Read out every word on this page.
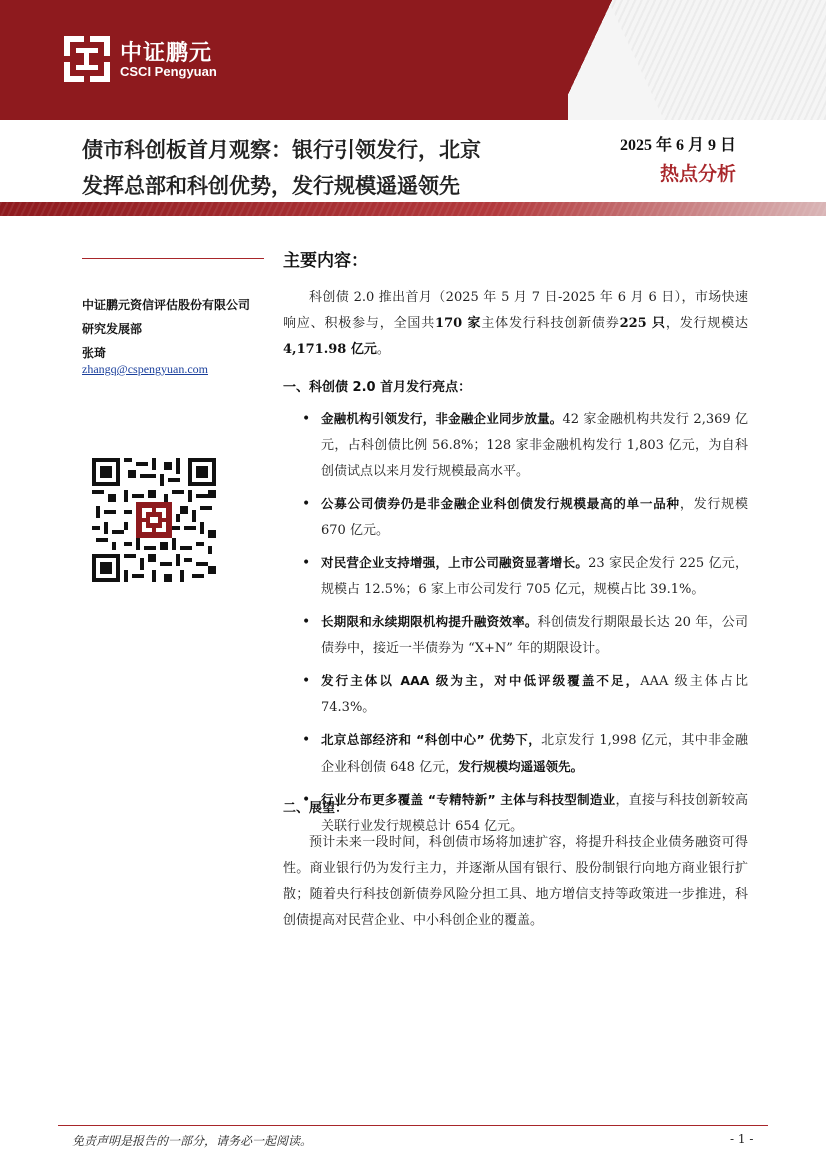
中证鹏元
CSCI Pengyuan
债市科创板首月观察：银行引领发行，北京
发挥总部和科创优势，发行规模遥遥领先
2025 年 6 月 9 日
热点分析
中证鹏元资信评估股份有限公司
研究发展部
张琦
zhangq@cspengyuan.com
主要内容：

科创债 2.0 推出首月（2025 年 5 月 7 日-2025 年 6 月 6 日），市场快速响应、积极参与，全国共170 家主体发行科技创新债券225 只，发行规模达4,171.98 亿元。

一、科创债 2.0 首月发行亮点：
• 金融机构引领发行，非金融企业同步放量。42 家金融机构共发行 2,369 亿元，占科创债比例 56.8%；128 家非金融机构发行 1,803 亿元，为自科创债试点以来月发行规模最高水平。
• 公募公司债券仍是非金融企业科创债发行规模最高的单一品种，发行规模 670 亿元。
• 对民营企业支持增强，上市公司融资显著增长。23 家民企发行 225 亿元，规模占 12.5%；6 家上市公司发行 705 亿元，规模占比 39.1%。
• 长期限和永续期限机构提升融资效率。科创债发行期限最长达 20 年，公司债券中，接近一半债券为 “X+N” 年的期限设计。
• 发行主体以 AAA 级为主，对中低评级覆盖不足，AAA 级主体占比 74.3%。
• 北京总部经济和 “科创中心” 优势下，北京发行 1,998 亿元，其中非金融企业科创债 648 亿元，发行规模均遥遥领先。
• 行业分布更多覆盖 “专精特新” 主体与科技型制造业，直接与科技创新较高关联行业发行规模总计 654 亿元。
二、展望：

预计未来一段时间，科创债市场将加速扩容，将提升科技企业债务融资可得性。商业银行仍为发行主力，并逐渐从国有银行、股份制银行向地方商业银行扩散；随着央行科技创新债券风险分担工具、地方增信支持等政策进一步推进，科创债提高对民营企业、中小科创企业的覆盖。

免责声明是报告的一部分，请务必一起阅读。	- 1 -
